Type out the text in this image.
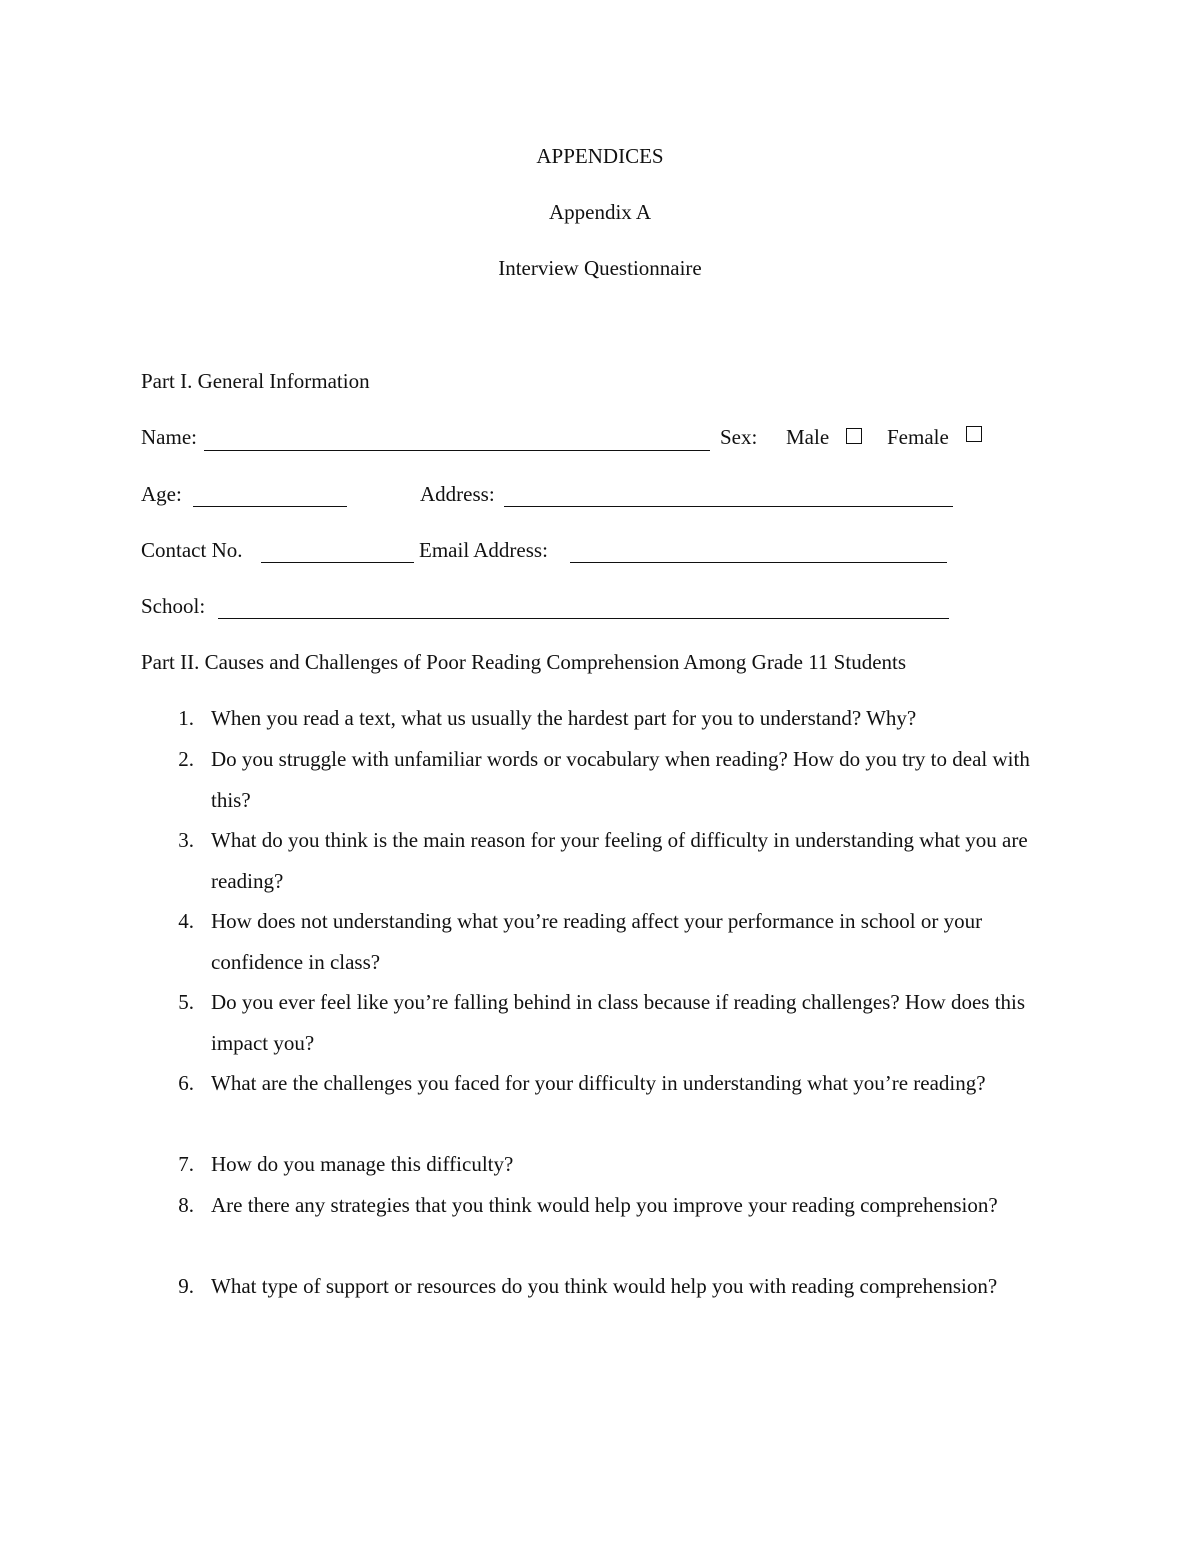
APPENDICES
Appendix A
Interview Questionnaire
Part I. General Information
Name:	Sex: Male	Female
Age:	Address:
Contact No.	Email Address:
School:
Part II. Causes and Challenges of Poor Reading Comprehension Among Grade 11 Students
1. When you read a text, what us usually the hardest part for you to understand? Why?
2. Do you struggle with unfamiliar words or vocabulary when reading? How do you try to deal with this?
3. What do you think is the main reason for your feeling of difficulty in understanding what you are reading?
4. How does not understanding what you’re reading affect your performance in school or your confidence in class?
5. Do you ever feel like you’re falling behind in class because if reading challenges? How does this impact you?
6. What are the challenges you faced for your difficulty in understanding what you’re reading?
7. How do you manage this difficulty?
8. Are there any strategies that you think would help you improve your reading comprehension?
9. What type of support or resources do you think would help you with reading comprehension?
